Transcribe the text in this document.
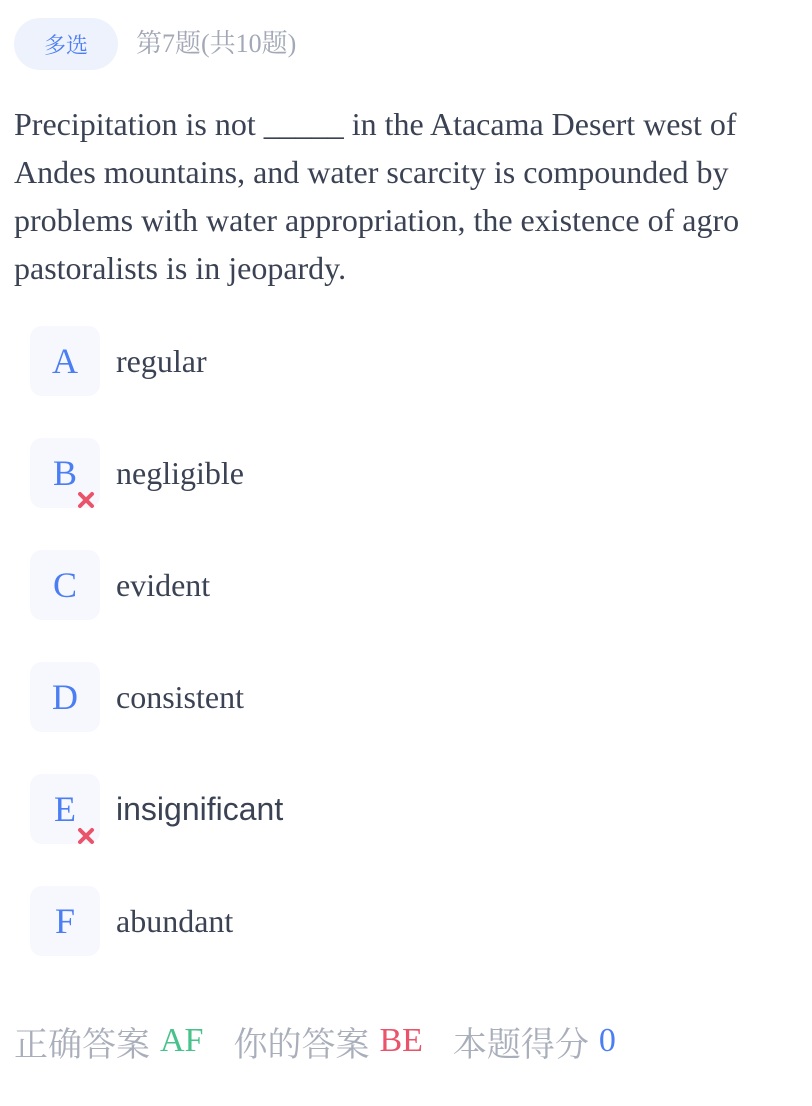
多选	第7题(共10题)

Precipitation is not _____ in the Atacama Desert west of Andes mountains, and water scarcity is compounded by problems with water appropriation, the existence of agro pastoralists is in jeopardy.

A regular
B negligible
C evident
D consistent
E insignificant
F abundant
正确答案 AF 你的答案 BE 本题得分 0
